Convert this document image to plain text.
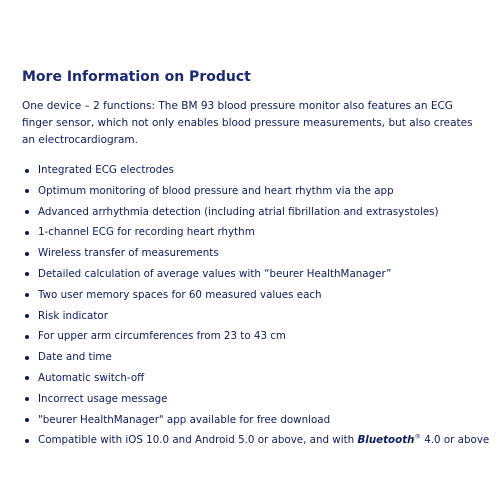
More Information on Product

One device – 2 functions: The BM 93 blood pressure monitor also features an ECG finger sensor, which not only enables blood pressure measurements, but also creates an electrocardiogram.

Integrated ECG electrodes
Optimum monitoring of blood pressure and heart rhythm via the app
Advanced arrhythmia detection (including atrial fibrillation and extrasystoles)
1-channel ECG for recording heart rhythm
Wireless transfer of measurements
Detailed calculation of average values with “beurer HealthManager”
Two user memory spaces for 60 measured values each
Risk indicator
For upper arm circumferences from 23 to 43 cm
Date and time
Automatic switch-off
Incorrect usage message
"beurer HealthManager" app available for free download
Compatible with iOS 10.0 and Android 5.0 or above, and with Bluetooth® 4.0 or above
